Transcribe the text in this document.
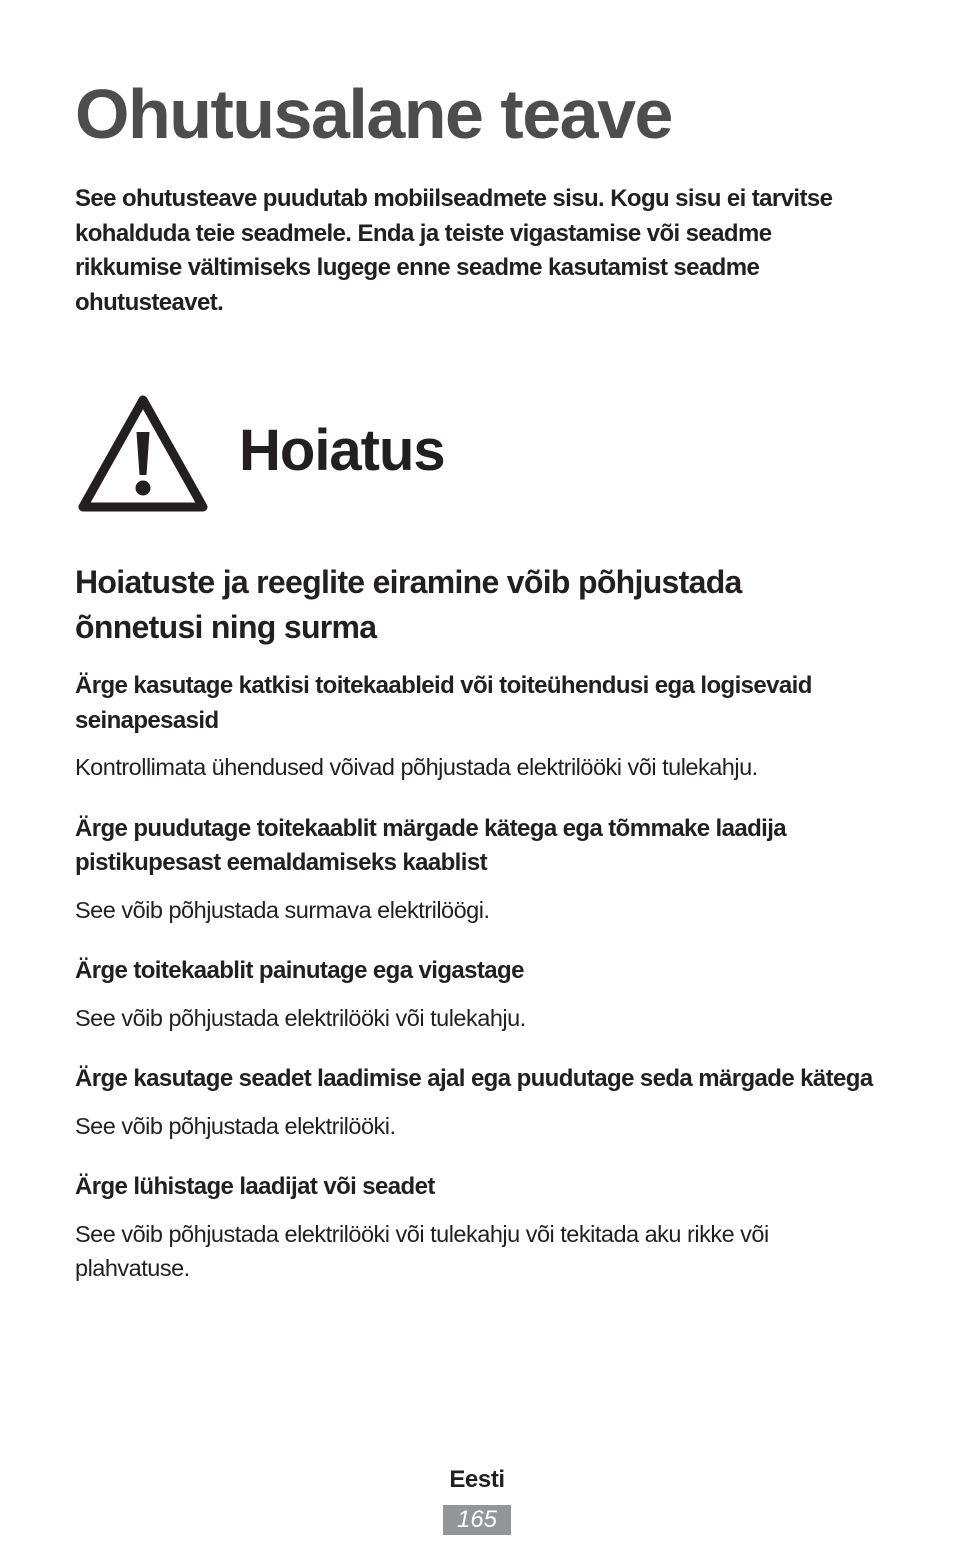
Ohutusalane teave

See ohutusteave puudutab mobiilseadmete sisu. Kogu sisu ei tarvitse kohalduda teie seadmele. Enda ja teiste vigastamise või seadme rikkumise vältimiseks lugege enne seadme kasutamist seadme ohutusteavet.

Hoiatus
Hoiatuste ja reeglite eiramine võib põhjustada õnnetusi ning surma

Ärge kasutage katkisi toitekaableid või toiteühendusi ega logisevaid seinapesasid

Kontrollimata ühendused võivad põhjustada elektrilööki või tulekahju.

Ärge puudutage toitekaablit märgade kätega ega tõmmake laadija pistikupesast eemaldamiseks kaablist

See võib põhjustada surmava elektrilöögi.

Ärge toitekaablit painutage ega vigastage

See võib põhjustada elektrilööki või tulekahju.

Ärge kasutage seadet laadimise ajal ega puudutage seda märgade kätega

See võib põhjustada elektrilööki.

Ärge lühistage laadijat või seadet

See võib põhjustada elektrilööki või tulekahju või tekitada aku rikke või plahvatuse.

Eesti
165
